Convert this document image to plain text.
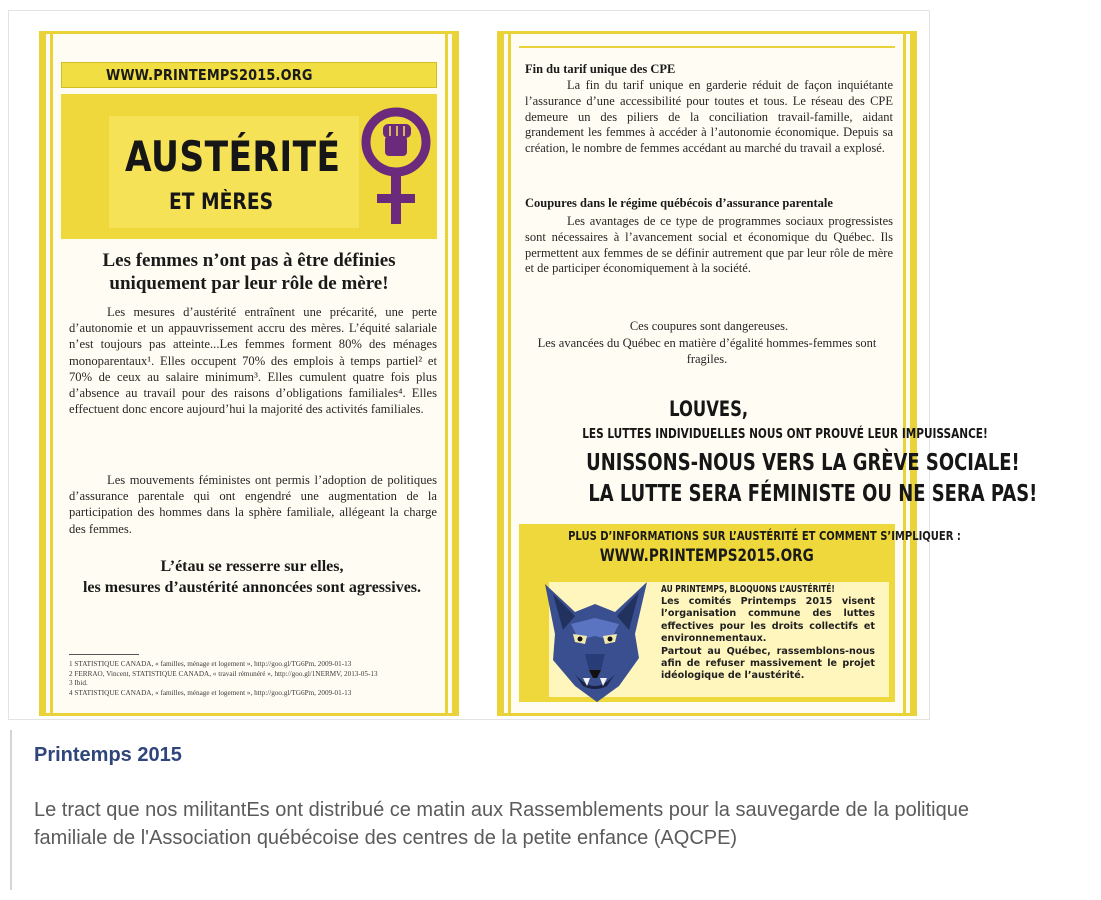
WWW.PRINTEMPS2015.ORG
AUSTÉRITÉ
ET MÈRES
Les femmes n’ont pas à être définies
uniquement par leur rôle de mère!
Les mesures d’austérité entraînent une précarité, une perte d’autonomie et un appauvrissement accru des mères. L’équité salariale n’est toujours pas atteinte...Les femmes forment 80% des ménages monoparentaux¹. Elles occupent 70% des emplois à temps partiel² et 70% de ceux au salaire minimum³. Elles cumulent quatre fois plus d’absence au travail pour des raisons d’obligations familiales⁴. Elles effectuent donc encore aujourd’hui la majorité des activités familiales.
Les mouvements féministes ont permis l’adoption de politiques d’assurance parentale qui ont engendré une augmentation de la participation des hommes dans la sphère familiale, allégeant la charge des femmes.
L’étau se resserre sur elles,
les mesures d’austérité annoncées sont agressives.
1 STATISTIQUE CANADA, « familles, ménage et logement », http://goo.gl/TG6Pm, 2009-01-13
2 FERRAO, Vincent, STATISTIQUE CANADA, « travail rémunéré », http://goo.gl/1NERMV, 2013-05-13
3 Ibid.
4 STATISTIQUE CANADA, « familles, ménage et logement », http://goo.gl/TG6Pm, 2009-01-13
Fin du tarif unique des CPE
La fin du tarif unique en garderie réduit de façon inquiétante l’assurance d’une accessibilité pour toutes et tous. Le réseau des CPE demeure un des piliers de la conciliation travail-famille, aidant grandement les femmes à accéder à l’autonomie économique. Depuis sa création, le nombre de femmes accédant au marché du travail a explosé.
Coupures dans le régime québécois d’assurance parentale
Les avantages de ce type de programmes sociaux progressistes sont nécessaires à l’avancement social et économique du Québec. Ils permettent aux femmes de se définir autrement que par leur rôle de mère et de participer économiquement à la société.
Ces coupures sont dangereuses.
Les avancées du Québec en matière d’égalité hommes-femmes sont fragiles.
LOUVES,
LES LUTTES INDIVIDUELLES NOUS ONT PROUVÉ LEUR IMPUISSANCE!
UNISSONS-NOUS VERS LA GRÈVE SOCIALE!
LA LUTTE SERA FÉMINISTE OU NE SERA PAS!
PLUS D’INFORMATIONS SUR L’AUSTÉRITÉ ET COMMENT S’IMPLIQUER :
WWW.PRINTEMPS2015.ORG
AU PRINTEMPS, BLOQUONS L’AUSTÉRITÉ!

Les comités Printemps 2015 visent l’organisation commune des luttes effectives pour les droits collectifs et environnementaux.

Partout au Québec, rassemblons-nous afin de refuser massivement le projet idéologique de l’austérité.

Printemps 2015
Le tract que nos militantEs ont distribué ce matin aux Rassemblements pour la sauvegarde de la politique familiale de l'Association québécoise des centres de la petite enfance (AQCPE)
